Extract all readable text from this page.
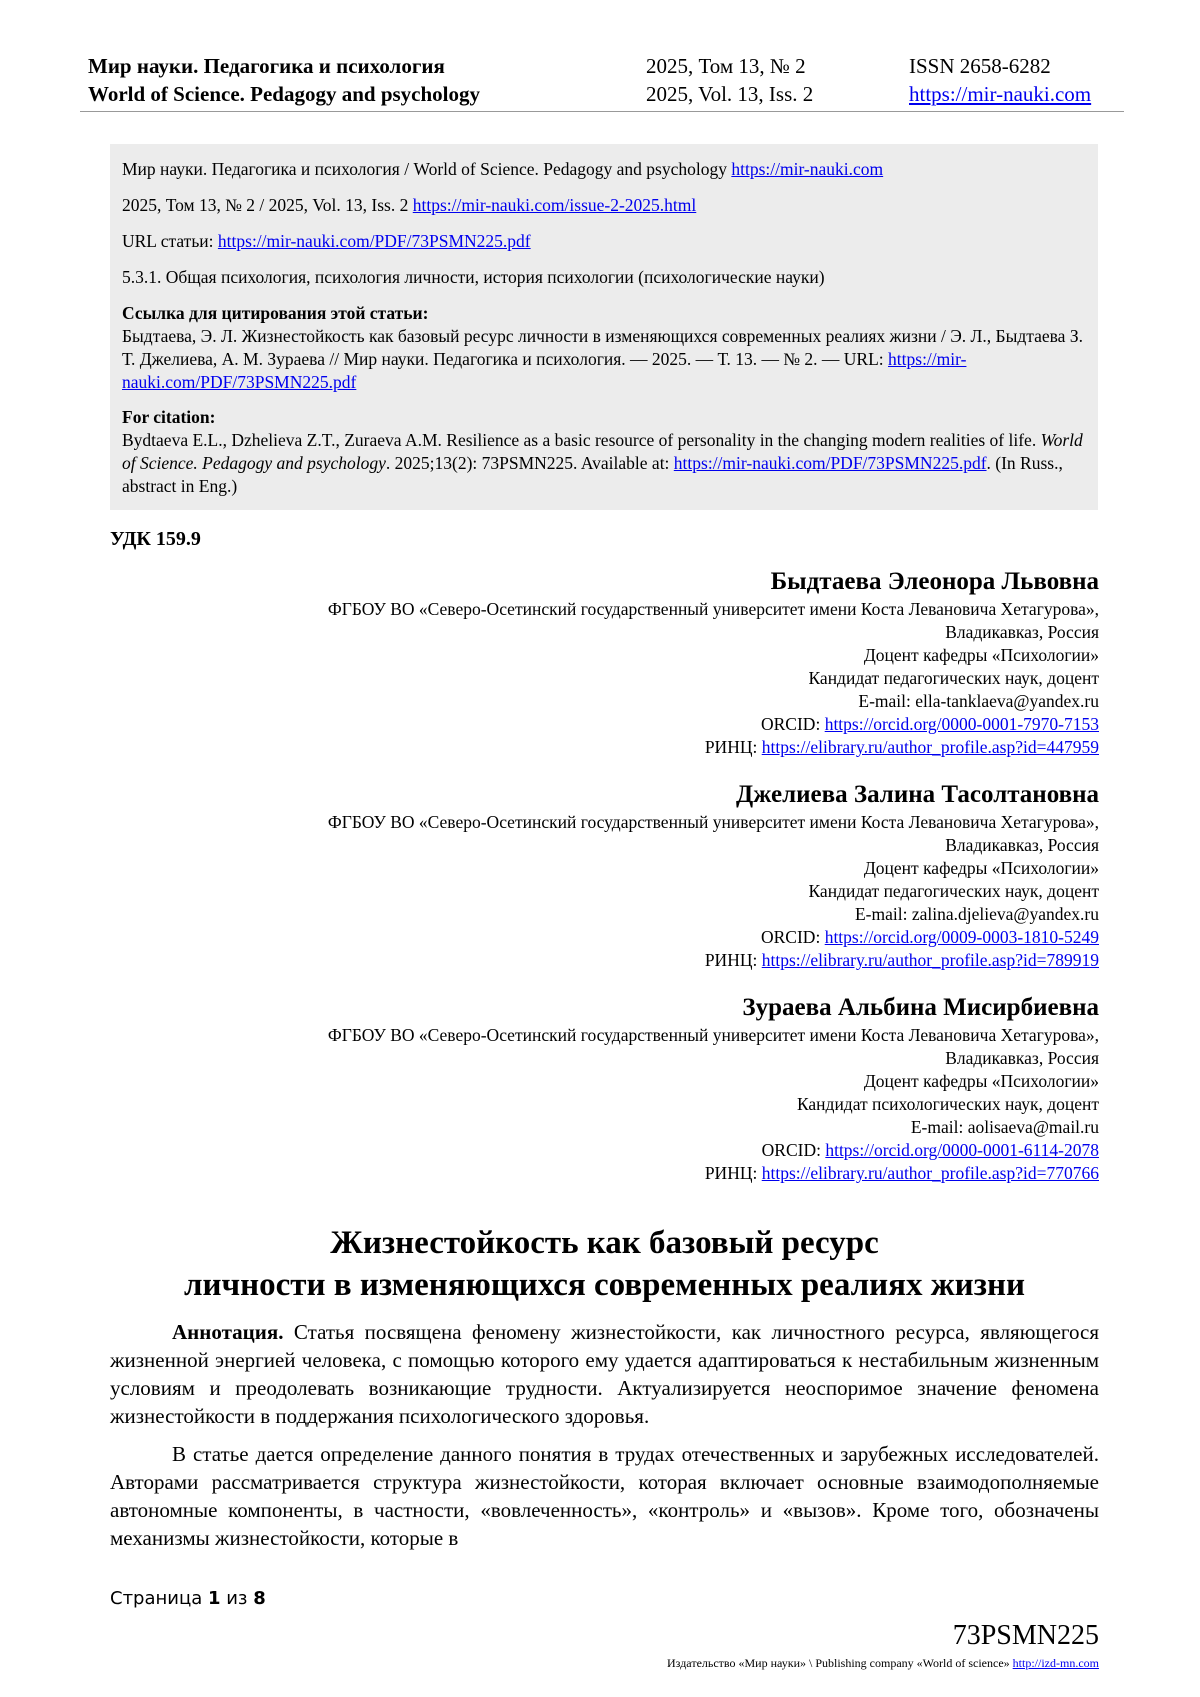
Мир науки. Педагогика и психология	2025, Том 13, № 2	ISSN 2658-6282
World of Science. Pedagogy and psychology	2025, Vol. 13, Iss. 2	https://mir-nauki.com

Мир науки. Педагогика и психология / World of Science. Pedagogy and psychology https://mir-nauki.com

2025, Том 13, № 2 / 2025, Vol. 13, Iss. 2 https://mir-nauki.com/issue-2-2025.html

URL статьи: https://mir-nauki.com/PDF/73PSMN225.pdf

5.3.1. Общая психология, психология личности, история психологии (психологические науки)

Ссылка для цитирования этой статьи:
Быдтаева, Э. Л. Жизнестойкость как базовый ресурс личности в изменяющихся современных реалиях жизни / Э. Л., Быдтаева З. Т. Джелиева, А. М. Зураева // Мир науки. Педагогика и психология. — 2025. — Т. 13. — № 2. — URL: https://mir-nauki.com/PDF/73PSMN225.pdf
For citation:
Bydtaeva E.L., Dzhelieva Z.T., Zuraeva A.M. Resilience as a basic resource of personality in the changing modern realities of life. World of Science. Pedagogy and psychology. 2025;13(2): 73PSMN225. Available at: https://mir-nauki.com/PDF/73PSMN225.pdf. (In Russ., abstract in Eng.)
УДК 159.9
Быдтаева Элеонора Львовна
ФГБОУ ВО «Северо-Осетинский государственный университет имени Коста Левановича Хетагурова»,
Владикавказ, Россия
Доцент кафедры «Психологии»
Кандидат педагогических наук, доцент
E-mail: ella-tanklaeva@yandex.ru
ORCID: https://orcid.org/0000-0001-7970-7153
РИНЦ: https://elibrary.ru/author_profile.asp?id=447959
Джелиева Залина Тасолтановна
ФГБОУ ВО «Северо-Осетинский государственный университет имени Коста Левановича Хетагурова»,
Владикавказ, Россия
Доцент кафедры «Психологии»
Кандидат педагогических наук, доцент
E-mail: zalina.djelieva@yandex.ru
ORCID: https://orcid.org/0009-0003-1810-5249
РИНЦ: https://elibrary.ru/author_profile.asp?id=789919
Зураева Альбина Мисирбиевна
ФГБОУ ВО «Северо-Осетинский государственный университет имени Коста Левановича Хетагурова»,
Владикавказ, Россия
Доцент кафедры «Психологии»
Кандидат психологических наук, доцент
E-mail: aolisaeva@mail.ru
ORCID: https://orcid.org/0000-0001-6114-2078
РИНЦ: https://elibrary.ru/author_profile.asp?id=770766
Жизнестойкость как базовый ресурс
личности в изменяющихся современных реалиях жизни

Аннотация. Статья посвящена феномену жизнестойкости, как личностного ресурса, являющегося жизненной энергией человека, с помощью которого ему удается адаптироваться к нестабильным жизненным условиям и преодолевать возникающие трудности. Актуализируется неоспоримое значение феномена жизнестойкости в поддержания психологического здоровья.

В статье дается определение данного понятия в трудах отечественных и зарубежных исследователей. Авторами рассматривается структура жизнестойкости, которая включает основные взаимодополняемые автономные компоненты, в частности, «вовлеченность», «контроль» и «вызов». Кроме того, обозначены механизмы жизнестойкости, которые в

Страница 1 из 8
73PSMN225
Издательство «Мир науки» \ Publishing company «World of science» http://izd-mn.com
